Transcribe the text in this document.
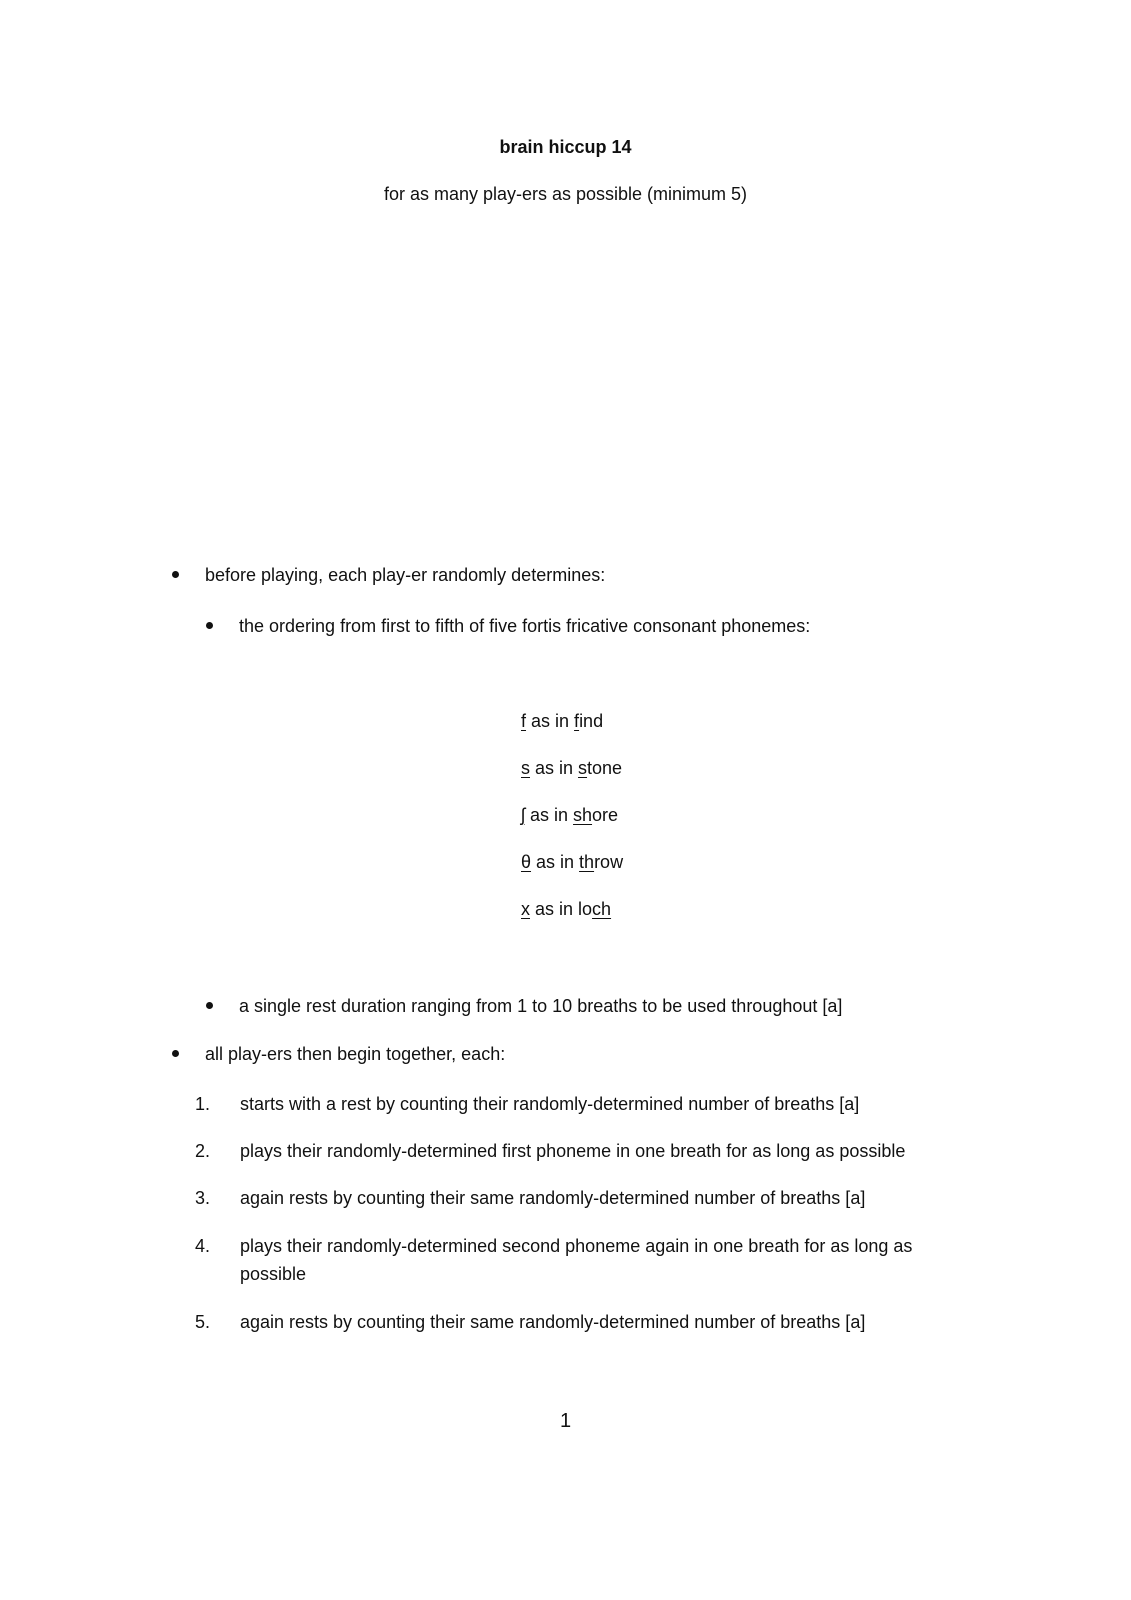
brain hiccup 14
for as many play-ers as possible (minimum 5)
before playing, each play-er randomly determines:
the ordering from first to fifth of five fortis fricative consonant phonemes:
f as in find
s as in stone
ʃ as in shore
θ as in throw
x as in loch
a single rest duration ranging from 1 to 10 breaths to be used throughout [a]
all play-ers then begin together, each:
1. starts with a rest by counting their randomly-determined number of breaths [a]
2. plays their randomly-determined first phoneme in one breath for as long as possible
3. again rests by counting their same randomly-determined number of breaths [a]
4. plays their randomly-determined second phoneme again in one breath for as long as possible
5. again rests by counting their same randomly-determined number of breaths [a]
1
